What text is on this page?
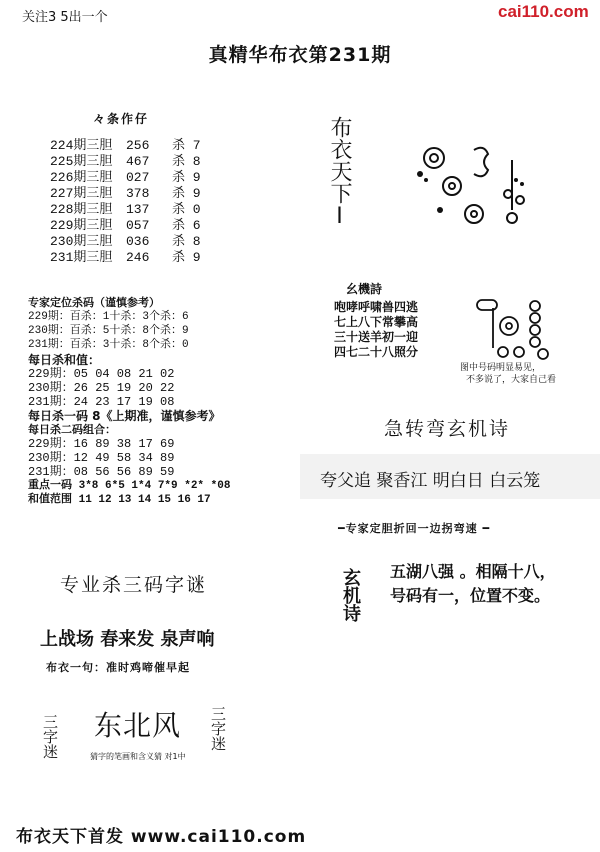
关注3 5出一个	cai110.com
真精华布衣第231期
々条作仔
224期三胆 256 杀 7
225期三胆 467 杀 8
226期三胆 027 杀 9
227期三胆 378 杀 9
228期三胆 137 杀 0
229期三胆 057 杀 6
230期三胆 036 杀 8
231期三胆 246 杀 9
专家定位杀码（谨慎参考）
229期：百杀：1十杀：3个杀：6
230期：百杀：5十杀：8个杀：9
231期：百杀：3十杀：8个杀：0
每日杀和值：
229期：05 04 08 21 02
230期：26 25 19 20 22
231期：24 23 17 19 08
每日杀一码 8《上期准，谨慎参考》
每日杀二码组合：
229期：16 89 38 17 69
230期：12 49 58 34 89
231期：08 56 56 89 59
重点一码 3*8 6*5 1*4 7*9 *2* *08
和值范围 11 12 13 14 15 16 17
专业杀三码字谜
上战场 春来发 泉声响
布衣一句：准时鸡啼催早起
三字迷 东北风
猜字的笔画和含义猜 对1中
三字迷
布衣天下Ⅰ
幺機詩
咆哮呼啸兽四逃
七上八下常攀高
三十送羊初一迎
四七二十八照分
图中号码明显易见，
不多说了，大家自己看
急转弯玄机诗
夸父追 聚香江 明白日 白云笼
━专家定胆折回一边拐弯速 ━
玄机诗 五湖八强 。相隔十八，
号码有一，位置不变。
布衣天下首发 www.cai110.com
